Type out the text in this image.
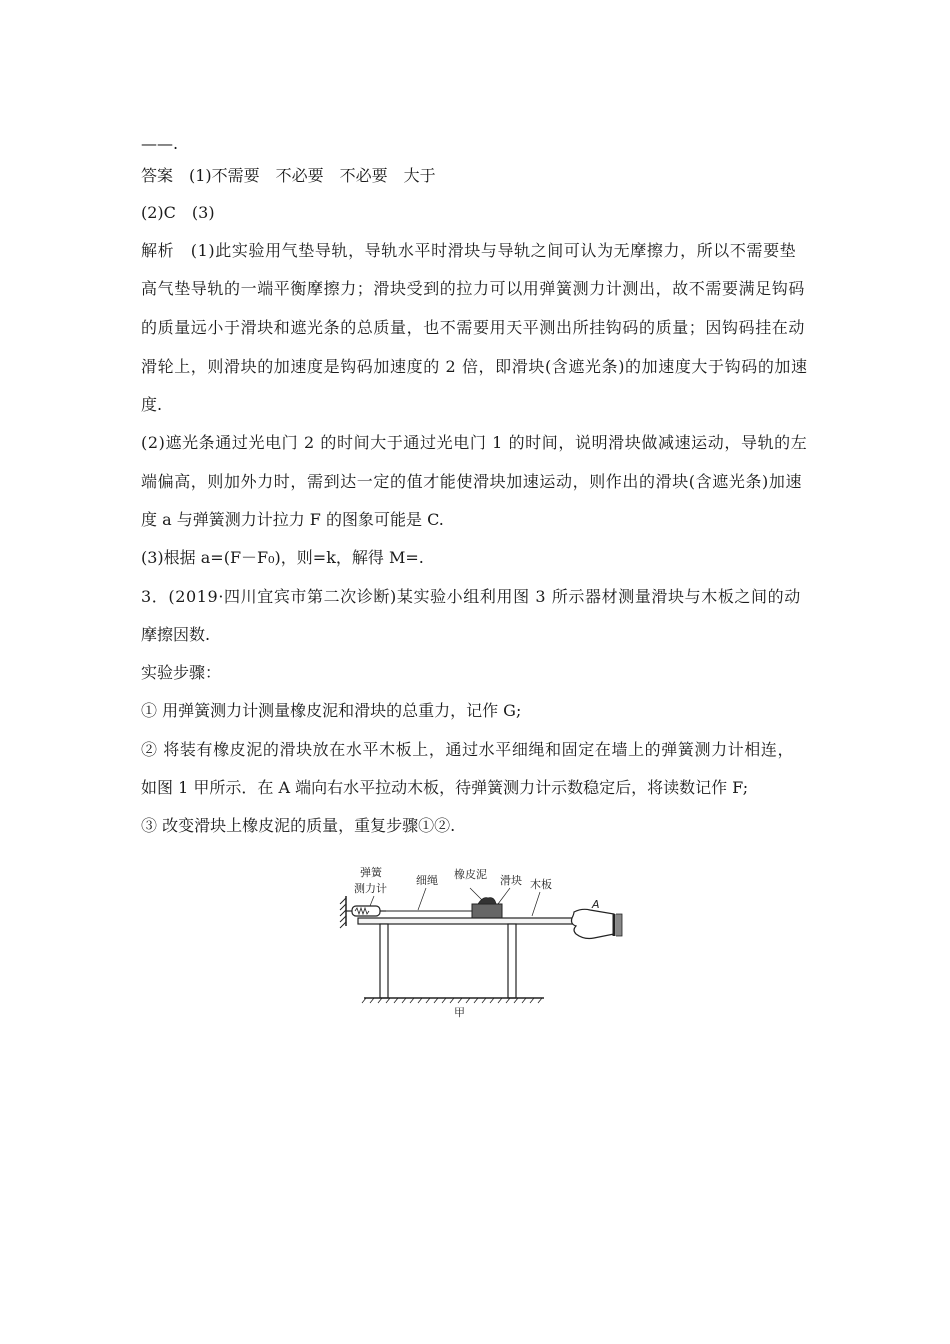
——.
答案　(1)不需要　不必要　不必要　大于
(2)C　(3)
解析　(1)此实验用气垫导轨，导轨水平时滑块与导轨之间可认为无摩擦力，所以不需要垫
高气垫导轨的一端平衡摩擦力；滑块受到的拉力可以用弹簧测力计测出，故不需要满足钩码
的质量远小于滑块和遮光条的总质量，也不需要用天平测出所挂钩码的质量；因钩码挂在动
滑轮上，则滑块的加速度是钩码加速度的 2 倍，即滑块(含遮光条)的加速度大于钩码的加速
度.
(2)遮光条通过光电门 2 的时间大于通过光电门 1 的时间，说明滑块做减速运动，导轨的左
端偏高，则加外力时，需到达一定的值才能使滑块加速运动，则作出的滑块(含遮光条)加速
度 a 与弹簧测力计拉力 F 的图象可能是 C.
(3)根据 a=(F－F₀)，则=k，解得 M=.
3．(2019·四川宜宾市第二次诊断)某实验小组利用图 3 所示器材测量滑块与木板之间的动
摩擦因数.
实验步骤：
① 用弹簧测力计测量橡皮泥和滑块的总重力，记作 G;
② 将装有橡皮泥的滑块放在水平木板上，通过水平细绳和固定在墙上的弹簧测力计相连，
如图 1 甲所示．在 A 端向右水平拉动木板，待弹簧测力计示数稳定后，将读数记作 F;
③ 改变滑块上橡皮泥的质量，重复步骤①②.
弹簧
测力计
细绳 橡皮泥 滑块 木板
A
甲
